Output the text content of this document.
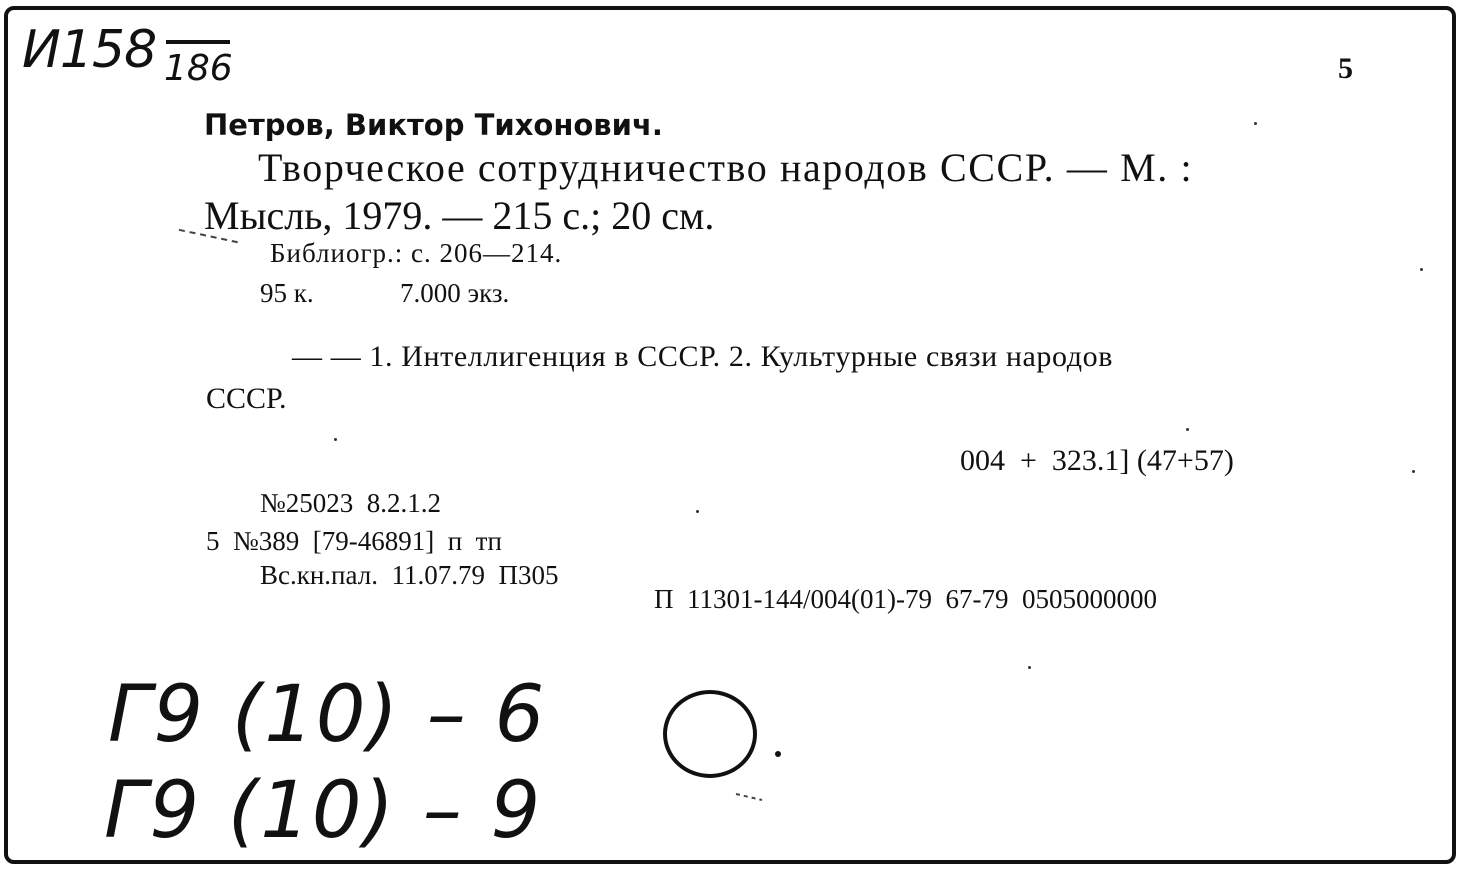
И158 186	5
Петров, Виктор Тихонович.
Творческое сотрудничество народов СССР. — М. :
Мысль, 1979. — 215 с.; 20 см.
Библиогр.: с. 206—214.
95 к.	7.000 экз.
— — 1. Интеллигенция в СССР. 2. Культурные связи народов
СССР.
004  +  323.1] (47+57)
№25023  8.2.1.2
5  №389  [79-46891]  п  тп
Вс.кн.пал.  11.07.79  П305
П  11301-144/004(01)-79  67-79  0505000000
Г9 (10) – 6
Г9 (10) – 9
